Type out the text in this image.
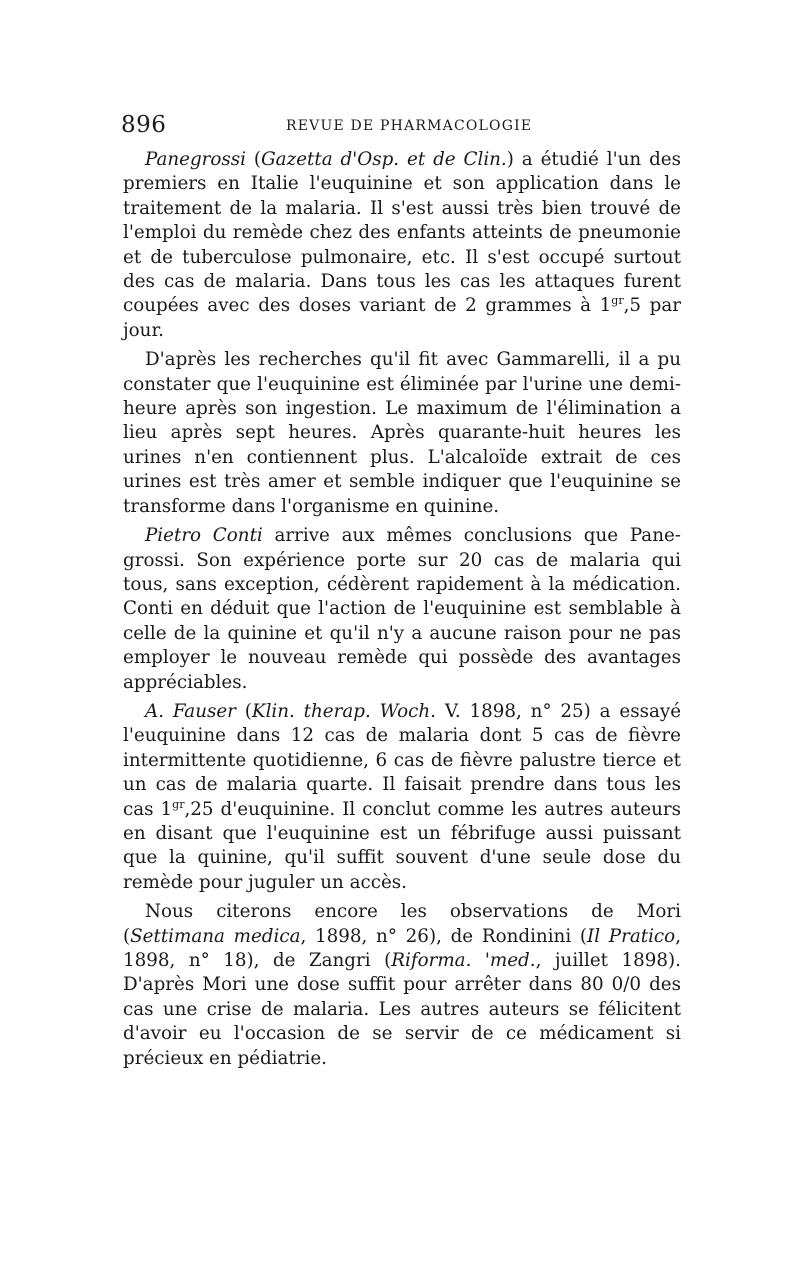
896	REVUE DE PHARMACOLOGIE

Panegrossi (Gazetta d'Osp. et de Clin.) a étudié l'un des premiers en Italie l'euquinine et son application dans le traitement de la malaria. Il s'est aussi très bien trouvé de l'emploi du remède chez des enfants atteints de pneumonie et de tuberculose pulmonaire, etc. Il s'est occupé surtout des cas de malaria. Dans tous les cas les attaques furent coupées avec des doses variant de 2 grammes à $1^{gr},5$ par jour.

D'après les recherches qu'il fit avec Gammarelli, il a pu constater que l'euquinine est éliminée par l'urine une demiheure après son ingestion. Le maximum de l'élimination a lieu après sept heures. Après quarante-huit heures les urines n'en contiennent plus. L'alcaloïde extrait de ces urines est très amer et semble indiquer que l'euquinine se transforme dans l'organisme en quinine.

Pietro Conti arrive aux mêmes conclusions que Panegrossi. Son expérience porte sur 20 cas de malaria qui tous, sans exception, cédèrent rapidement à la médication. Conti en déduit que l'action de l'euquinine est semblable à celle de la quinine et qu'il n'y a aucune raison pour ne pas employer le nouveau remède qui possède des avantages appréciables.

A. Fauser (Klin. therap. Woch. V. 1898, n° 25) a essayé l'euquinine dans 12 cas de malaria dont 5 cas de fièvre intermittente quotidienne, 6 cas de fièvre palustre tierce et un cas de malaria quarte. Il faisait prendre dans tous les cas $1^{gr},25$ d'euquinine. Il conclut comme les autres auteurs en disant que l'euquinine est un fébrifuge aussi puissant que la quinine, qu'il suffit souvent d'une seule dose du remède pour juguler un accès.

Nous citerons encore les observations de Mori (Settimana medica, 1898, n° 26), de Rondinini (Il Pratico, 1898, n° 18), de Zangri (Riforma. 'med., juillet 1898). D'après Mori une dose suffit pour arrêter dans 80 0/0 des cas une crise de malaria. Les autres auteurs se félicitent d'avoir eu l'occasion de se servir de ce médicament si précieux en pédiatrie.
